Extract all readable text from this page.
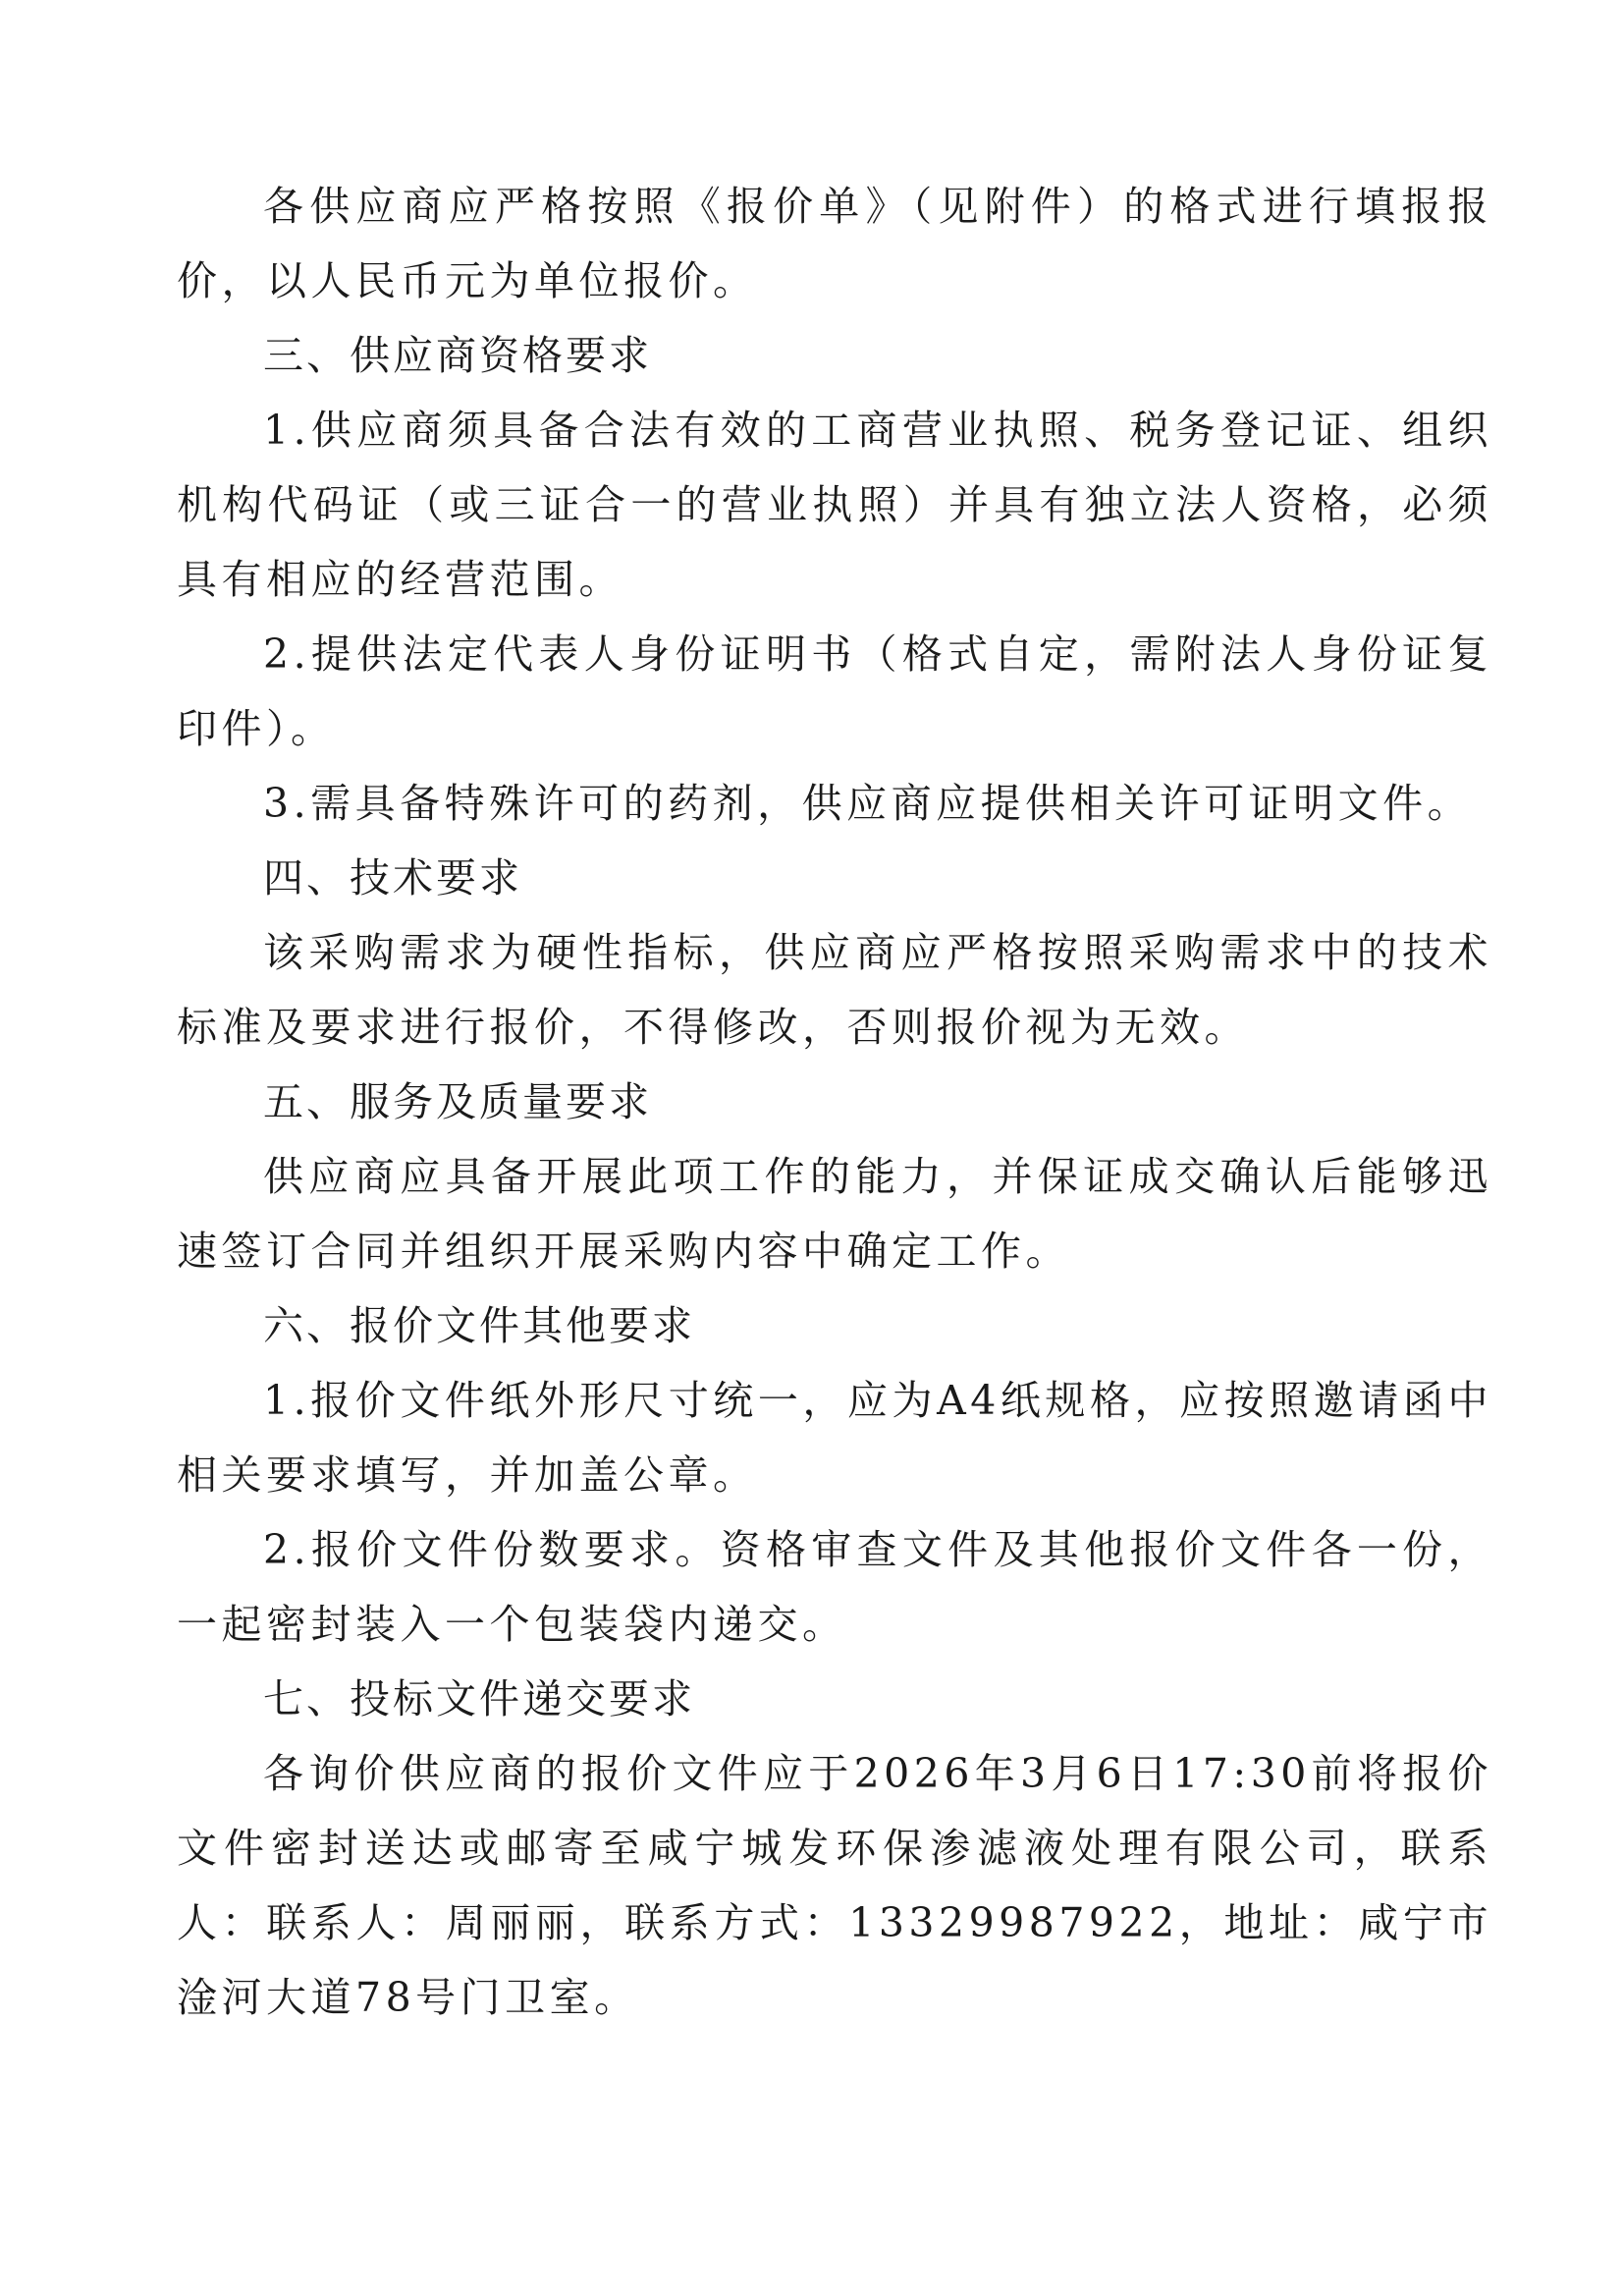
各供应商应严格按照《报价单》（见附件）的格式进行填报报价，以人民币元为单位报价。

三、供应商资格要求

1.供应商须具备合法有效的工商营业执照、税务登记证、组织机构代码证（或三证合一的营业执照）并具有独立法人资格，必须具有相应的经营范围。

2.提供法定代表人身份证明书（格式自定，需附法人身份证复印件）。

3.需具备特殊许可的药剂，供应商应提供相关许可证明文件。

四、技术要求

该采购需求为硬性指标，供应商应严格按照采购需求中的技术标准及要求进行报价，不得修改，否则报价视为无效。

五、服务及质量要求

供应商应具备开展此项工作的能力，并保证成交确认后能够迅速签订合同并组织开展采购内容中确定工作。

六、报价文件其他要求

1.报价文件纸外形尺寸统一，应为A4纸规格，应按照邀请函中相关要求填写，并加盖公章。

2.报价文件份数要求。资格审查文件及其他报价文件各一份，一起密封装入一个包装袋内递交。

七、投标文件递交要求

各询价供应商的报价文件应于2026年3月6日17:30前将报价文件密封送达或邮寄至咸宁城发环保渗滤液处理有限公司，联系人：联系人：周丽丽，联系方式：13329987922，地址：咸宁市淦河大道78号门卫室。
